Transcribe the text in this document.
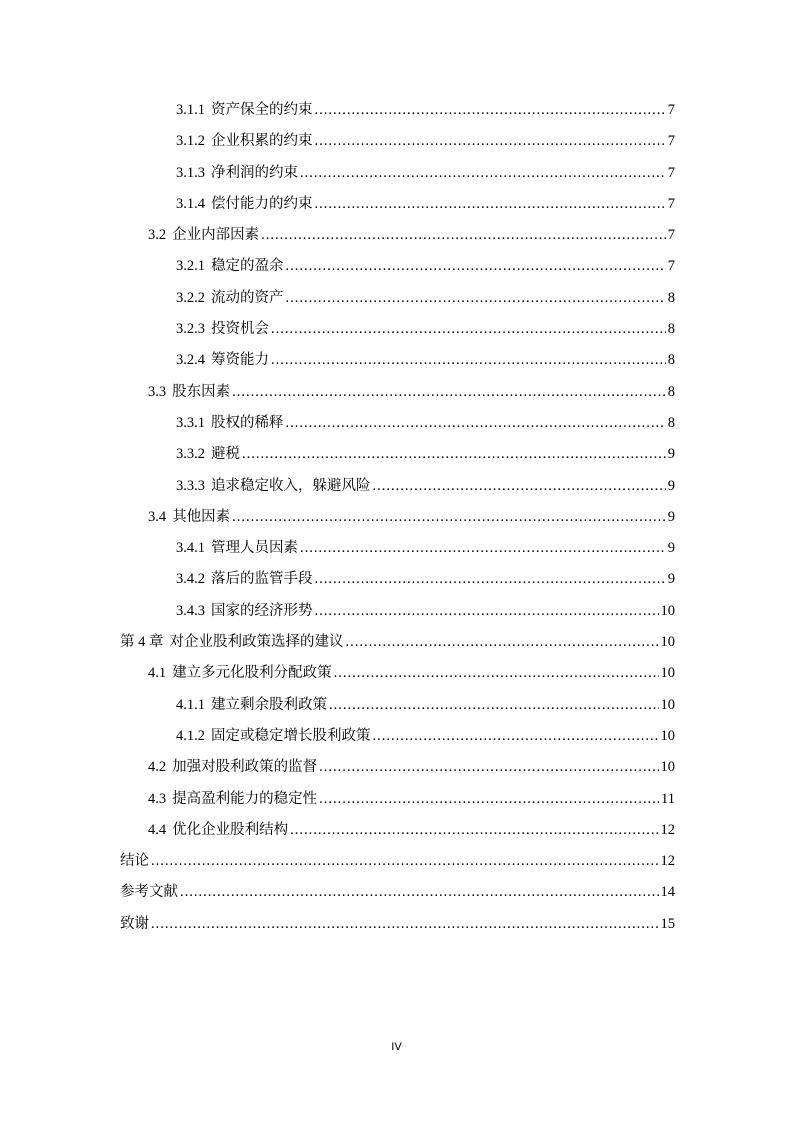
3.1.1 资产保全的约束 .....	7
3.1.2 企业积累的约束 .....	7
3.1.3 净利润的约束 .....	7
3.1.4 偿付能力的约束 .....	7
3.2 企业内部因素 .....	7
3.2.1 稳定的盈余 .....	7
3.2.2 流动的资产 .....	8
3.2.3 投资机会 .....	8
3.2.4 筹资能力 .....	8
3.3 股东因素 .....	8
3.3.1 股权的稀释 .....	8
3.3.2 避税 .....	9
3.3.3 追求稳定收入，躲避风险 .....	9
3.4 其他因素 .....	9
3.4.1 管理人员因素 .....	9
3.4.2 落后的监管手段 .....	9
3.4.3 国家的经济形势 .....	10
第 4 章 对企业股利政策选择的建议 .....	10
4.1 建立多元化股利分配政策 .....	10
4.1.1 建立剩余股利政策 .....	10
4.1.2 固定或稳定增长股利政策 .....	10
4.2 加强对股利政策的监督 .....	10
4.3 提高盈利能力的稳定性 .....	11
4.4 优化企业股利结构 .....	12
结论 .....	12
参考文献 .....	14
致谢 .....	15
IV
